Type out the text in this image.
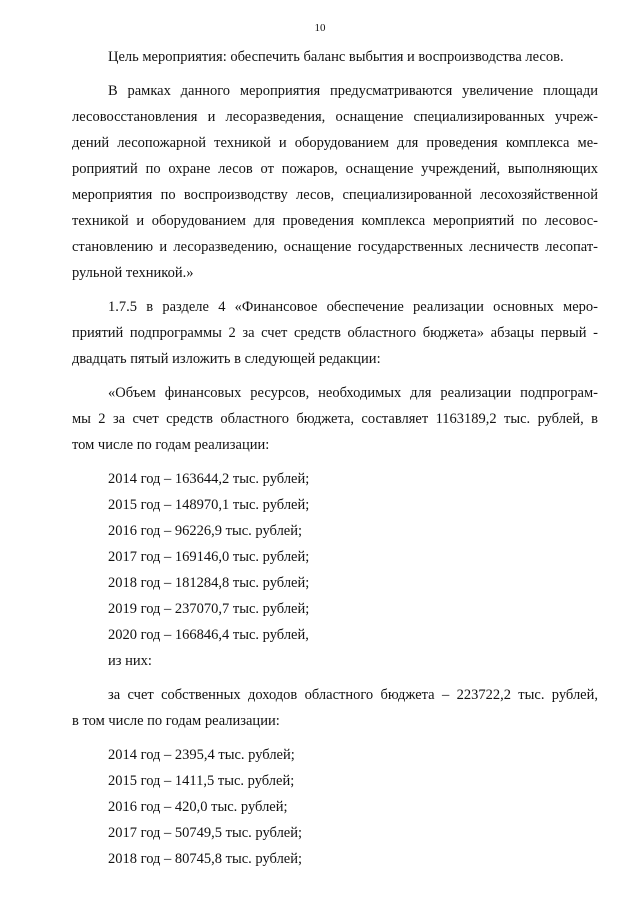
10
Цель мероприятия: обеспечить баланс выбытия и воспроизводства лесов.
В рамках данного мероприятия предусматриваются увеличение площади
лесовосстановления и лесоразведения, оснащение специализированных учреж-
дений лесопожарной техникой и оборудованием для проведения комплекса ме-
роприятий по охране лесов от пожаров, оснащение учреждений, выполняющих
мероприятия по воспроизводству лесов, специализированной лесохозяйственной
техникой и оборудованием для проведения комплекса мероприятий по лесовос-
становлению и лесоразведению, оснащение государственных лесничеств лесопат-
рульной техникой.»
1.7.5 в разделе 4 «Финансовое обеспечение реализации основных меро-
приятий подпрограммы 2 за счет средств областного бюджета» абзацы первый -
двадцать пятый изложить в следующей редакции:
«Объем финансовых ресурсов, необходимых для реализации подпрограм-
мы 2 за счет средств областного бюджета, составляет 1163189,2 тыс. рублей, в
том числе по годам реализации:
2014 год – 163644,2 тыс. рублей;
2015 год – 148970,1 тыс. рублей;
2016 год – 96226,9 тыс. рублей;
2017 год – 169146,0 тыс. рублей;
2018 год – 181284,8 тыс. рублей;
2019 год – 237070,7 тыс. рублей;
2020 год – 166846,4 тыс. рублей,
из них:
за счет собственных доходов областного бюджета – 223722,2 тыс. рублей,
в том числе по годам реализации:
2014 год – 2395,4 тыс. рублей;
2015 год – 1411,5 тыс. рублей;
2016 год – 420,0 тыс. рублей;
2017 год – 50749,5 тыс. рублей;
2018 год – 80745,8 тыс. рублей;
